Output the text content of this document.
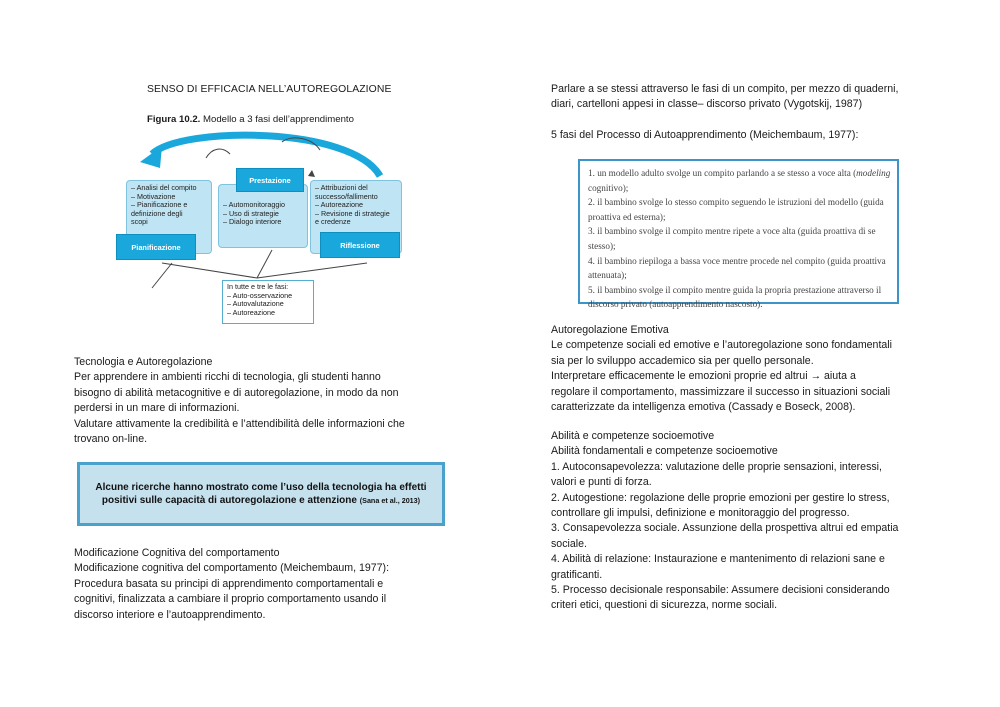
SENSO DI EFFICACIA NELL’AUTOREGOLAZIONE
Figura 10.2. Modello a 3 fasi dell’apprendimento
– Analisi del compito
– Motivazione
– Pianificazione e
definizione degli
scopi
– Automonitoraggio
– Uso di strategie
– Dialogo interiore
– Attribuzioni del
successo/fallimento
– Autoreazione
– Revisione di strategie
e credenze
Pianificazione
Prestazione
Riflessione
In tutte e tre le fasi:
– Auto-osservazione
– Autovalutazione
– Autoreazione
Tecnologia e Autoregolazione
Per apprendere in ambienti ricchi di tecnologia, gli studenti hanno
bisogno di abilità metacognitive e di autoregolazione, in modo da non
perdersi in un mare di informazioni.
Valutare attivamente la credibilità e l’attendibilità delle informazioni che
trovano on-line.
Alcune ricerche hanno mostrato come l’uso della tecnologia ha effetti
positivi sulle capacità di autoregolazione e attenzione (Sana et al., 2013)
Modificazione Cognitiva del comportamento
Modificazione cognitiva del comportamento (Meichembaum, 1977):
Procedura basata su principi di apprendimento comportamentali e
cognitivi, finalizzata a cambiare il proprio comportamento usando il
discorso interiore e l’autoapprendimento.
Parlare a se stessi attraverso le fasi di un compito, per mezzo di quaderni,
diari, cartelloni appesi in classe– discorso privato (Vygotskij, 1987)
5 fasi del Processo di Autoapprendimento (Meichembaum, 1977):
1. un modello adulto svolge un compito parlando a se stesso a voce alta (modeling
cognitivo);
2. il bambino svolge lo stesso compito seguendo le istruzioni del modello (guida
proattiva ed esterna);
3. il bambino svolge il compito mentre ripete a voce alta (guida proattiva di se
stesso);
4. il bambino riepiloga a bassa voce mentre procede nel compito (guida proattiva
attenuata);
5. il bambino svolge il compito mentre guida la propria prestazione attraverso il
discorso privato (autoapprendimento nascosto).
Autoregolazione Emotiva
Le competenze sociali ed emotive e l’autoregolazione sono fondamentali
sia per lo sviluppo accademico sia per quello personale.
Interpretare efficacemente le emozioni proprie ed altrui → aiuta a
regolare il comportamento, massimizzare il successo in situazioni sociali
caratterizzate da intelligenza emotiva (Cassady e Boseck, 2008).
Abilità e competenze socioemotive
Abilità fondamentali e competenze socioemotive
1. Autoconsapevolezza: valutazione delle proprie sensazioni, interessi,
valori e punti di forza.
2. Autogestione: regolazione delle proprie emozioni per gestire lo stress,
controllare gli impulsi, definizione e monitoraggio del progresso.
3. Consapevolezza sociale. Assunzione della prospettiva altrui ed empatia
sociale.
4. Abilità di relazione: Instaurazione e mantenimento di relazioni sane e
gratificanti.
5. Processo decisionale responsabile: Assumere decisioni considerando
criteri etici, questioni di sicurezza, norme sociali.
